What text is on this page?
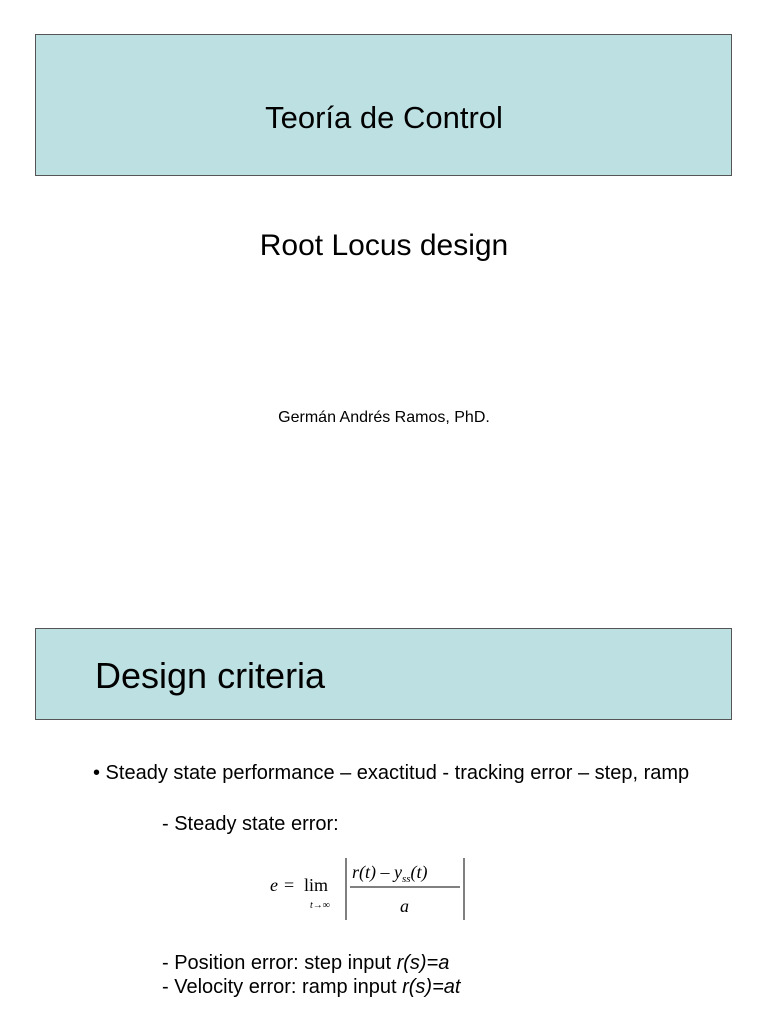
Teoría de Control
Root Locus design
Germán Andrés Ramos, PhD.
Design criteria
• Steady state performance – exactitud - tracking error – step, ramp
- Steady state error:
e = lim
t→∞
$r(t) - y_{ss}(t)$
a
- Position error: step input r(s)=a
- Velocity error: ramp input r(s)=at
